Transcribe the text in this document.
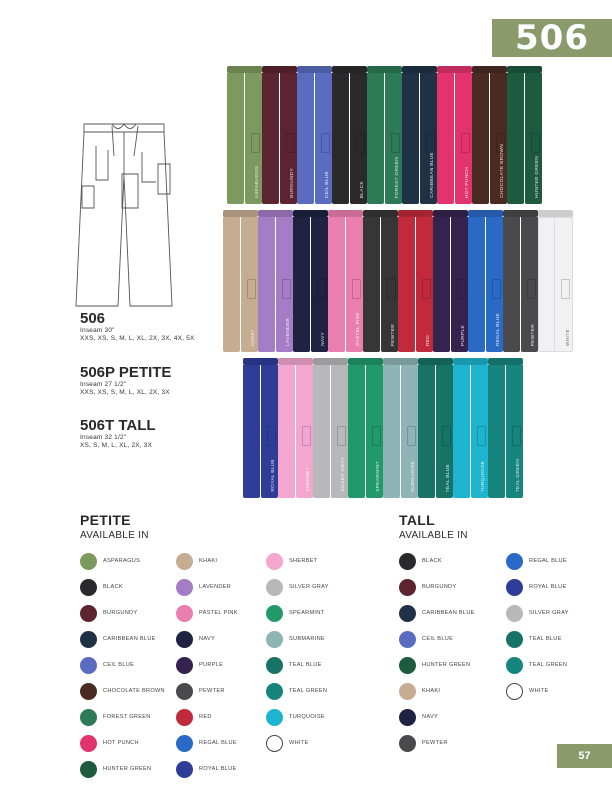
506

506

Inseam 30"

XXS, XS, S, M, L, XL, 2X, 3X, 4X, 5X

506P PETITE

Inseam 27 1/2"

XXS, XS, S, M, L, XL, 2X, 3X

506T TALL

Inseam 32 1/2"

XS, S, M, L, XL, 2X, 3X

ASPARAGUS	BURGUNDY	CEIL BLUE	BLACK	FOREST GREEN	CARIBBEAN BLUE	HOT PUNCH	CHOCOLATE BROWN	HUNTER GREEN
KHAKI	LAVENDER	NAVY	PASTEL PINK	PEWTER	RED	PURPLE	REGAL BLUE	PEWTER	WHITE
ROYAL BLUE	SHERBET	SILVER GRAY	SPEARMINT	SUBMARINE	TEAL BLUE	TURQUOISE	TEAL GREEN
PETITE
AVAILABLE IN
ASPARAGUS
BLACK
BURGUNDY
CARIBBEAN BLUE
CEIL BLUE
CHOCOLATE BROWN
FOREST GREEN
HOT PUNCH
HUNTER GREEN
KHAKI
LAVENDER
PASTEL PINK
NAVY
PURPLE
PEWTER
RED
REGAL BLUE
ROYAL BLUE
SHERBET
SILVER GRAY
SPEARMINT
SUBMARINE
TEAL BLUE
TEAL GREEN
TURQUOISE
WHITE
TALL
AVAILABLE IN
BLACK
BURGUNDY
CARIBBEAN BLUE
CEIL BLUE
HUNTER GREEN
KHAKI
NAVY
PEWTER
REGAL BLUE
ROYAL BLUE
SILVER GRAY
TEAL BLUE
TEAL GREEN
WHITE
57
